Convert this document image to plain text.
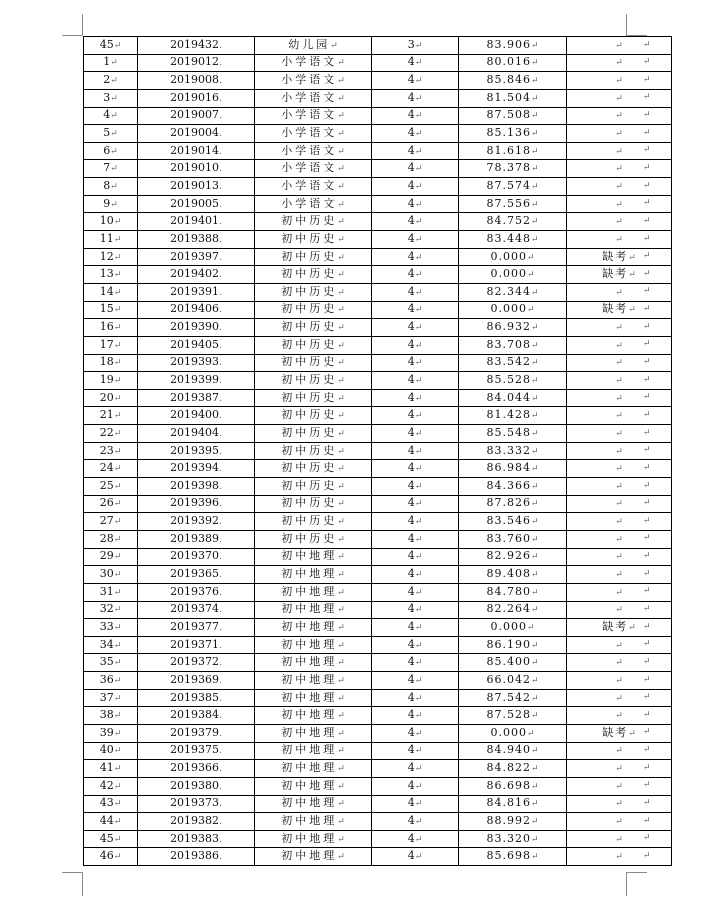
45↵	2019432.	幼儿园↵	3↵	83.906↵	↵
1↵	2019012.	小学语文↵	4↵	80.016↵	↵
2↵	2019008.	小学语文↵	4↵	85.846↵	↵
3↵	2019016.	小学语文↵	4↵	81.504↵	↵
4↵	2019007.	小学语文↵	4↵	87.508↵	↵
5↵	2019004.	小学语文↵	4↵	85.136↵	↵
6↵	2019014.	小学语文↵	4↵	81.618↵	↵
7↵	2019010.	小学语文↵	4↵	78.378↵	↵
8↵	2019013.	小学语文↵	4↵	87.574↵	↵
9↵	2019005.	小学语文↵	4↵	87.556↵	↵
10↵	2019401.	初中历史↵	4↵	84.752↵	↵
11↵	2019388.	初中历史↵	4↵	83.448↵	↵
12↵	2019397.	初中历史↵	4↵	0.000↵	缺考↵
13↵	2019402.	初中历史↵	4↵	0.000↵	缺考↵
14↵	2019391.	初中历史↵	4↵	82.344↵	↵
15↵	2019406.	初中历史↵	4↵	0.000↵	缺考↵
16↵	2019390.	初中历史↵	4↵	86.932↵	↵
17↵	2019405.	初中历史↵	4↵	83.708↵	↵
18↵	2019393.	初中历史↵	4↵	83.542↵	↵
19↵	2019399.	初中历史↵	4↵	85.528↵	↵
20↵	2019387.	初中历史↵	4↵	84.044↵	↵
21↵	2019400.	初中历史↵	4↵	81.428↵	↵
22↵	2019404.	初中历史↵	4↵	85.548↵	↵
23↵	2019395.	初中历史↵	4↵	83.332↵	↵
24↵	2019394.	初中历史↵	4↵	86.984↵	↵
25↵	2019398.	初中历史↵	4↵	84.366↵	↵
26↵	2019396.	初中历史↵	4↵	87.826↵	↵
27↵	2019392.	初中历史↵	4↵	83.546↵	↵
28↵	2019389.	初中历史↵	4↵	83.760↵	↵
29↵	2019370.	初中地理↵	4↵	82.926↵	↵
30↵	2019365.	初中地理↵	4↵	89.408↵	↵
31↵	2019376.	初中地理↵	4↵	84.780↵	↵
32↵	2019374.	初中地理↵	4↵	82.264↵	↵
33↵	2019377.	初中地理↵	4↵	0.000↵	缺考↵
34↵	2019371.	初中地理↵	4↵	86.190↵	↵
35↵	2019372.	初中地理↵	4↵	85.400↵	↵
36↵	2019369.	初中地理↵	4↵	66.042↵	↵
37↵	2019385.	初中地理↵	4↵	87.542↵	↵
38↵	2019384.	初中地理↵	4↵	87.528↵	↵
39↵	2019379.	初中地理↵	4↵	0.000↵	缺考↵
40↵	2019375.	初中地理↵	4↵	84.940↵	↵
41↵	2019366.	初中地理↵	4↵	84.822↵	↵
42↵	2019380.	初中地理↵	4↵	86.698↵	↵
43↵	2019373.	初中地理↵	4↵	84.816↵	↵
44↵	2019382.	初中地理↵	4↵	88.992↵	↵
45↵	2019383.	初中地理↵	4↵	83.320↵	↵
46↵	2019386.	初中地理↵	4↵	85.698↵	↵
↵
↵
↵
↵
↵
↵
↵
↵
↵
↵
↵
↵
↵
↵
↵
↵
↵
↵
↵
↵
↵
↵
↵
↵
↵
↵
↵
↵
↵
↵
↵
↵
↵
↵
↵
↵
↵
↵
↵
↵
↵
↵
↵
↵
↵
↵
↵
